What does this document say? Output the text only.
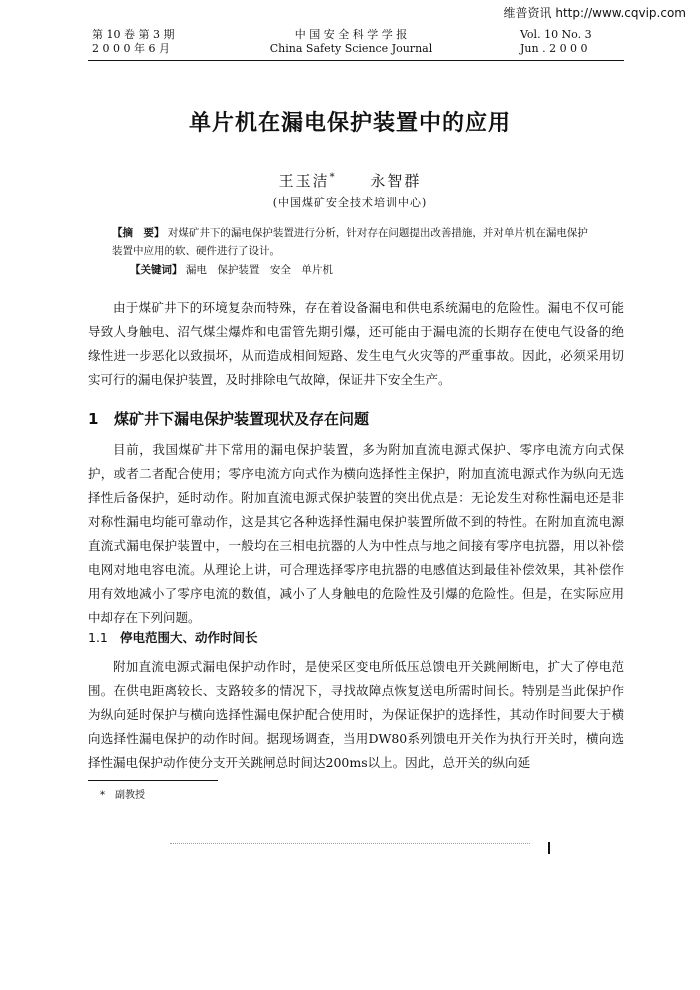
维普资讯 http://www.cqvip.com
第 10 卷 第 3 期
2 0 0 0 年 6 月
中 国 安 全 科 学 学 报
China Safety Science Journal
Vol. 10 No. 3
Jun . 2 0 0 0
单片机在漏电保护装置中的应用
王玉洁* 永智群
(中国煤矿安全技术培训中心)
【摘　要】 对煤矿井下的漏电保护装置进行分析，针对存在问题提出改善措施，并对单片机在漏电保护装置中应用的软、硬件进行了设计。
【关键词】 漏电　保护装置　安全　单片机
由于煤矿井下的环境复杂而特殊，存在着设备漏电和供电系统漏电的危险性。漏电不仅可能导致人身触电、沼气煤尘爆炸和电雷管先期引爆，还可能由于漏电流的长期存在使电气设备的绝缘性进一步恶化以致损坏，从而造成相间短路、发生电气火灾等的严重事故。因此，必须采用切实可行的漏电保护装置，及时排除电气故障，保证井下安全生产。
1 煤矿井下漏电保护装置现状及存在问题
目前，我国煤矿井下常用的漏电保护装置，多为附加直流电源式保护、零序电流方向式保护，或者二者配合使用；零序电流方向式作为横向选择性主保护，附加直流电源式作为纵向无选择性后备保护，延时动作。附加直流电源式保护装置的突出优点是：无论发生对称性漏电还是非对称性漏电均能可靠动作，这是其它各种选择性漏电保护装置所做不到的特性。在附加直流电源直流式漏电保护装置中，一般均在三相电抗器的人为中性点与地之间接有零序电抗器，用以补偿电网对地电容电流。从理论上讲，可合理选择零序电抗器的电感值达到最佳补偿效果，其补偿作用有效地减小了零序电流的数值，减小了人身触电的危险性及引爆的危险性。但是，在实际应用中却存在下列问题。
1.1 停电范围大、动作时间长
附加直流电源式漏电保护动作时，是使采区变电所低压总馈电开关跳闸断电，扩大了停电范围。在供电距离较长、支路较多的情况下，寻找故障点恢复送电所需时间长。特别是当此保护作为纵向延时保护与横向选择性漏电保护配合使用时，为保证保护的选择性，其动作时间要大于横向选择性漏电保护的动作时间。据现场调查，当用DW80系列馈电开关作为执行开关时，横向选择性漏电保护动作使分支开关跳闸总时间达200ms以上。因此，总开关的纵向延
*　副教授
